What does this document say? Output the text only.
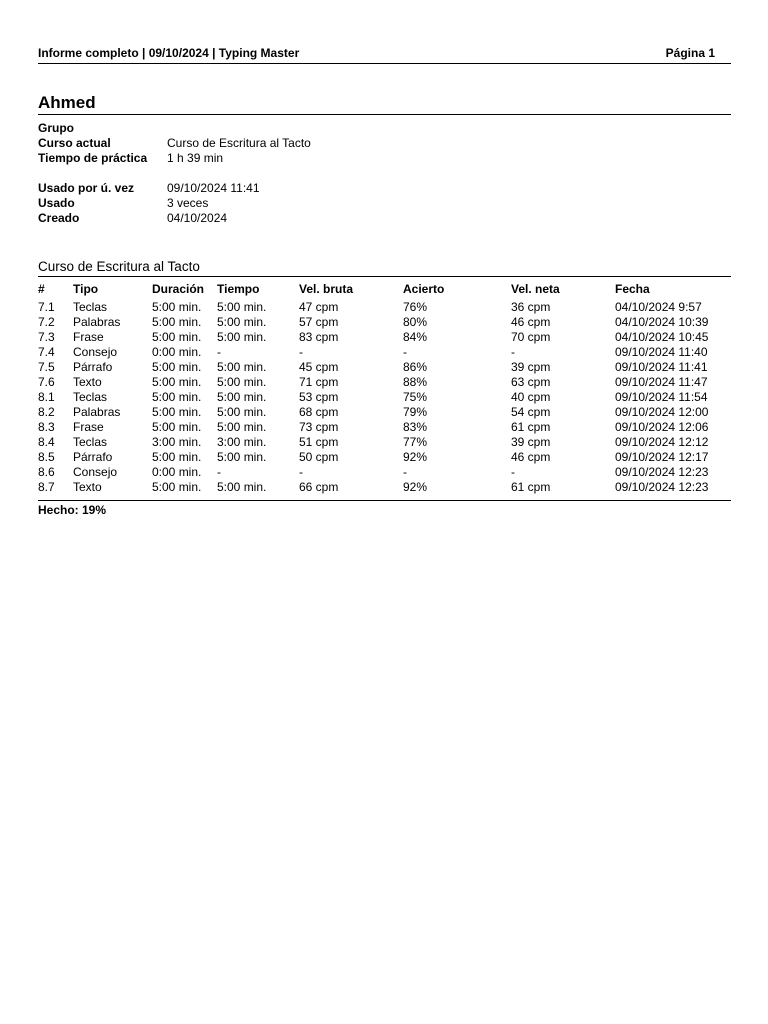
Informe completo | 09/10/2024 | Typing Master	Página 1
Ahmed
Grupo
Curso actual	Curso de Escritura al Tacto
Tiempo de práctica 1 h 39 min
Usado por ú. vez	09/10/2024 11:41
Usado	3 veces
Creado	04/10/2024
Curso de Escritura al Tacto
# Tipo	Duración Tiempo	Vel. bruta	Acierto	Vel. neta	Fecha
7.1 Teclas	5:00 min. 5:00 min.	47 cpm	76%	36 cpm	04/10/2024 9:57
7.2 Palabras	5:00 min. 5:00 min.	57 cpm	80%	46 cpm	04/10/2024 10:39
7.3 Frase	5:00 min. 5:00 min.	83 cpm	84%	70 cpm	04/10/2024 10:45
7.4 Consejo	0:00 min. -	-	-	-	09/10/2024 11:40
7.5 Párrafo	5:00 min. 5:00 min.	45 cpm	86%	39 cpm	09/10/2024 11:41
7.6 Texto	5:00 min. 5:00 min.	71 cpm	88%	63 cpm	09/10/2024 11:47
8.1 Teclas	5:00 min. 5:00 min.	53 cpm	75%	40 cpm	09/10/2024 11:54
8.2 Palabras	5:00 min. 5:00 min.	68 cpm	79%	54 cpm	09/10/2024 12:00
8.3 Frase	5:00 min. 5:00 min.	73 cpm	83%	61 cpm	09/10/2024 12:06
8.4 Teclas	3:00 min. 3:00 min.	51 cpm	77%	39 cpm	09/10/2024 12:12
8.5 Párrafo	5:00 min. 5:00 min.	50 cpm	92%	46 cpm	09/10/2024 12:17
8.6 Consejo	0:00 min. -	-	-	-	09/10/2024 12:23
8.7 Texto	5:00 min. 5:00 min.	66 cpm	92%	61 cpm	09/10/2024 12:23
Hecho: 19%
